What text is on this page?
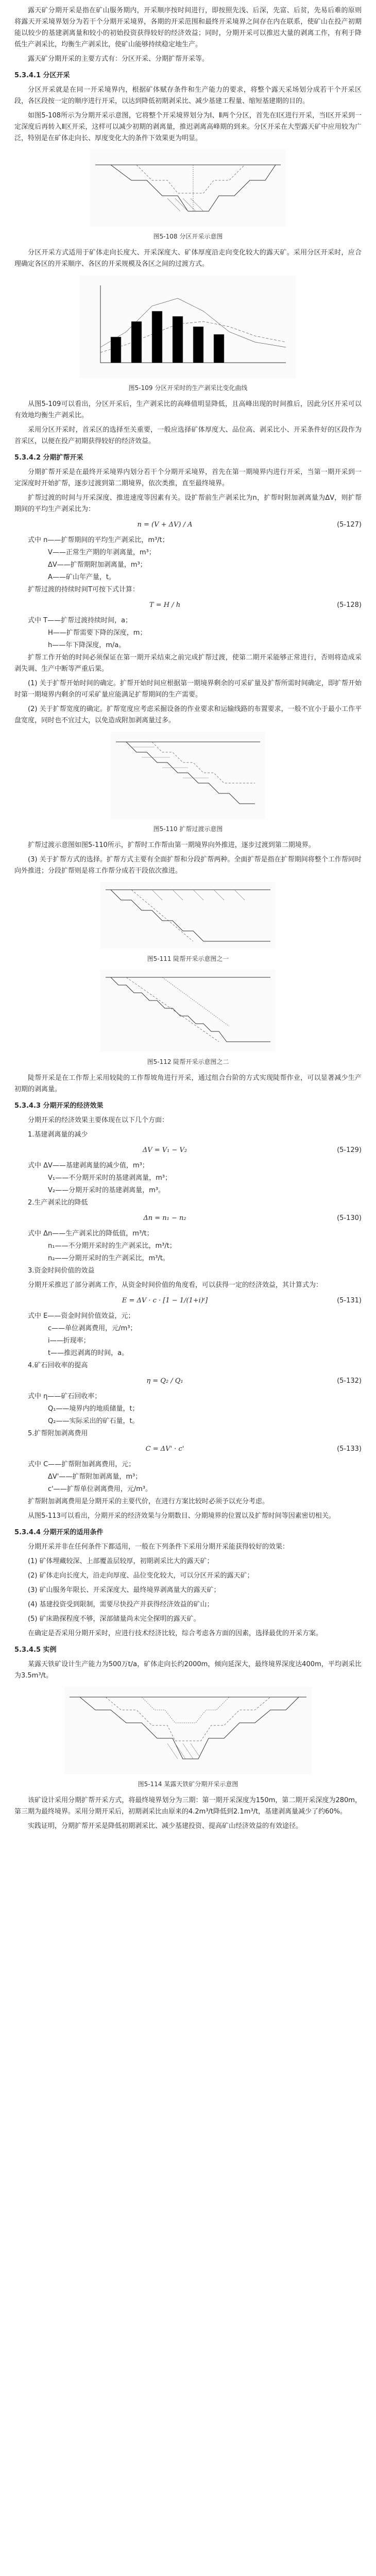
露天矿分期开采是指在矿山服务期内，开采顺序按时间进行，即按照先浅、后深，先富、后贫，先易后难的原则将露天开采境界划分为若干个分期开采境界，各期的开采范围和最终开采境界之间存在内在联系，使矿山在投产初期能以较少的基建剥离量和较小的初始投资获得较好的经济效益；同时，分期开采可以推迟大量的剥离工作，有利于降低生产剥采比，均衡生产剥采比，使矿山能够持续稳定地生产。

露天矿分期开采的主要方式有：分区开采、分期扩帮开采等。

5.3.4.1 分区开采

分区开采就是在同一开采境界内，根据矿体赋存条件和生产能力的要求，将整个露天采场划分成若干个开采区段，各区段按一定的顺序进行开采，以达到降低初期剥采比、减少基建工程量、缩短基建期的目的。

如图5-108所示为分期开采示意图，它将整个开采境界划分为Ⅰ、Ⅱ两个分区，首先在Ⅰ区进行开采，当Ⅰ区开采到一定深度后再转入Ⅱ区开采，这样可以减少初期的剥离量，推迟剥离高峰期的到来。分区开采在大型露天矿中应用较为广泛，特别是在矿体走向长、厚度变化大的条件下效果更为明显。

图5-108 分区开采示意图

分区开采方式适用于矿体走向长度大、开采深度大、矿体厚度沿走向变化较大的露天矿。采用分区开采时，应合理确定各区的开采顺序、各区的开采规模及各区之间的过渡方式。

图5-109 分区开采时的生产剥采比变化曲线

从图5-109可以看出，分区开采后，生产剥采比的高峰值明显降低，且高峰出现的时间推后，因此分区开采可以有效地均衡生产剥采比。

采用分区开采时，首采区的选择至关重要，一般应选择矿体厚度大、品位高、剥采比小、开采条件好的区段作为首采区，以便在投产初期获得较好的经济效益。

5.3.4.2 分期扩帮开采

分期扩帮开采是在最终开采境界内划分若干个分期开采境界，首先在第一期境界内进行开采，当第一期开采到一定深度时开始扩帮，逐步过渡到第二期境界，依次类推，直至最终境界。

扩帮过渡的时间与开采深度、推进速度等因素有关。设扩帮前生产剥采比为n，扩帮时附加剥离量为ΔV，则扩帮期间的平均生产剥采比为：

n = (V + ΔV) / A	(5-127)

式中 n——扩帮期间的平均生产剥采比，m³/t；

V——正常生产期的年剥离量，m³；

ΔV——扩帮期附加剥离量，m³；

A——矿山年产量，t。

扩帮过渡的持续时间T可按下式计算：

T = H / h	(5-128)

式中 T——扩帮过渡持续时间，a；

H——扩帮需要下降的深度，m；

h——年下降深度，m/a。

扩帮工作开始的时间必须保证在第一期开采结束之前完成扩帮过渡，使第二期开采能够正常进行，否则将造成采剥失调、生产中断等严重后果。

(1) 关于扩帮开始时间的确定。扩帮开始时间应根据第一期境界剩余的可采矿量及扩帮所需时间确定，即扩帮开始时第一期境界内剩余的可采矿量应能满足扩帮期间的生产需要。

(2) 关于扩帮宽度的确定。扩帮宽度应考虑采掘设备的作业要求和运输线路的布置要求，一般不宜小于最小工作平盘宽度，同时也不宜过大，以免造成附加剥离量过多。

图5-110 扩帮过渡示意图

扩帮过渡示意图如图5-110所示，扩帮时工作帮由第一期境界向外推进，逐步过渡到第二期境界。

(3) 关于扩帮方式的选择。扩帮方式主要有全面扩帮和分段扩帮两种。全面扩帮是指在扩帮期间将整个工作帮同时向外推进；分段扩帮则是将工作帮分成若干段依次推进。

图5-111 陡帮开采示意图之一

图5-112 陡帮开采示意图之二

陡帮开采是在工作帮上采用较陡的工作帮坡角进行开采，通过组合台阶的方式实现陡帮作业，可以显著减少生产初期的剥离量。

5.3.4.3 分期开采的经济效果

分期开采的经济效果主要体现在以下几个方面：

1.基建剥离量的减少

ΔV = V₁ − V₂	(5-129)

式中 ΔV——基建剥离量的减少值，m³；

V₁——不分期开采时的基建剥离量，m³；

V₂——分期开采时的基建剥离量，m³。

2.生产剥采比的降低

Δn = n₁ − n₂	(5-130)

式中 Δn——生产剥采比的降低值，m³/t；

n₁——不分期开采时的生产剥采比，m³/t；

n₂——分期开采时的生产剥采比，m³/t。

3.资金时间价值的效益

分期开采推迟了部分剥离工作，从资金时间价值的角度看，可以获得一定的经济效益，其计算式为：

E = ΔV · c · [1 − 1/(1+i)ᵗ]	(5-131)

式中 E——资金时间价值效益，元；

c——单位剥离费用，元/m³；

i——折现率；

t——推迟剥离的时间，a。

4.矿石回收率的提高

η = Q₂ / Q₁	(5-132)

式中 η——矿石回收率；

Q₁——境界内的地质储量，t；

Q₂——实际采出的矿石量，t。

5.扩帮附加剥离费用

C = ΔV' · c'	(5-133)

式中 C——扩帮附加剥离费用，元；

ΔV'——扩帮附加剥离量，m³；

c'——扩帮单位剥离费用，元/m³。

扩帮附加剥离费用是分期开采的主要代价，在进行方案比较时必须予以充分考虑。

从图5-113可以看出，分期开采的经济效果与分期数目、分期境界的位置以及扩帮时间等因素密切相关。

5.3.4.4 分期开采的适用条件

分期开采并非在任何条件下都适用，一般在下列条件下采用分期开采能获得较好的效果：

(1) 矿体埋藏较深、上部覆盖层较厚，初期剥采比大的露天矿；

(2) 矿体走向长度大，沿走向厚度、品位变化较大，可以分区开采的露天矿；

(3) 矿山服务年限长、开采深度大、最终境界剥离量大的露天矿；

(4) 基建投资受到限制，需要尽快投产并获得经济效益的矿山；

(5) 矿床勘探程度不够，深部储量尚未完全探明的露天矿。

在确定是否采用分期开采时，应进行技术经济比较，综合考虑各方面的因素，选择最优的开采方案。

5.3.4.5 实例

某露天铁矿设计生产能力为500万t/a，矿体走向长约2000m，倾向延深大，最终境界深度达400m，平均剥采比为3.5m³/t。

图5-114 某露天铁矿分期开采示意图

该矿设计采用分期扩帮开采方式，将最终境界划分为三期：第一期开采深度为150m，第二期开采深度为280m，第三期为最终境界。采用分期开采后，初期剥采比由原来的4.2m³/t降低到2.1m³/t，基建剥离量减少了约60%。

实践证明，分期扩帮开采是降低初期剥采比、减少基建投资、提高矿山经济效益的有效途径。
